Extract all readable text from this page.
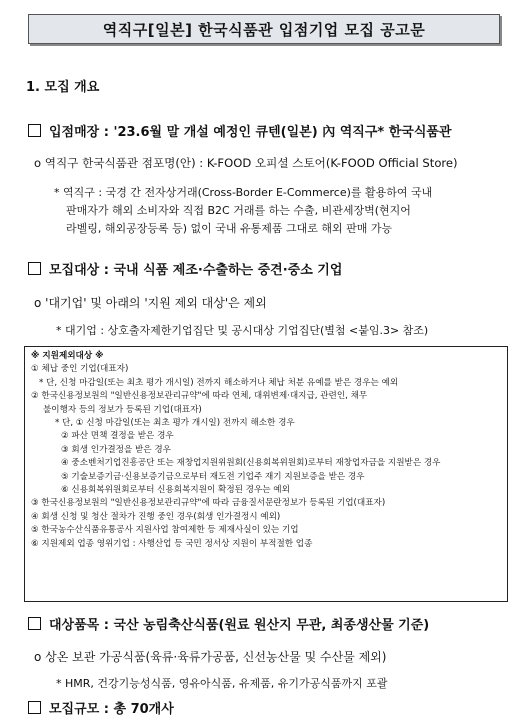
역직구[일본] 한국식품관 입점기업 모집 공고문
1. 모집 개요
입점매장 : '23.6월 말 개설 예정인 큐텐(일본) 內 역직구* 한국식품관
o 역직구 한국식품관 점포명(안) : K-FOOD 오피셜 스토어(K-FOOD Official Store)
* 역직구 : 국경 간 전자상거래(Cross-Border E-Commerce)를 활용하여 국내
판매자가 해외 소비자와 직접 B2C 거래를 하는 수출, 비관세장벽(현지어
라벨링, 해외공장등록 등) 없이 국내 유통제품 그대로 해외 판매 가능
모집대상 : 국내 식품 제조·수출하는 중견·중소 기업
o '대기업' 및 아래의 '지원 제외 대상'은 제외
* 대기업 : 상호출자제한기업집단 및 공시대상 기업집단(별첨 <붙임.3> 참조)
※ 지원제외대상 ※
① 체납 중인 기업(대표자)
* 단, 신청 마감일(또는 최초 평가 개시일) 전까지 해소하거나 체납 처분 유예를 받은 경우는 예외
② 한국신용정보원의 "일반신용정보관리규약"에 따라 연체, 대위변제·대지급, 관련인, 채무
불이행자 등의 정보가 등록된 기업(대표자)
* 단, ① 신청 마감일(또는 최초 평가 개시일) 전까지 해소한 경우
② 파산 면책 결정을 받은 경우
③ 회생 인가결정을 받은 경우
④ 중소벤처기업진흥공단 또는 재창업지원위원회(신용회복위원회)로부터 재창업자금을 지원받은 경우
⑤ 기술보증기금·신용보증기금으로부터 재도전 기업주 재기 지원보증을 받은 경우
⑥ 신용회복위원회로부터 신용회복지원이 확정된 경우는 예외
③ 한국신용정보원의 "일반신용정보관리규약"에 따라 금융질서문란정보가 등록된 기업(대표자)
④ 회생 신청 및 청산 절차가 진행 중인 경우(회생 인가결정시 예외)
⑤ 한국농수산식품유통공사 지원사업 참여제한 등 제재사실이 있는 기업
⑥ 지원제외 업종 영위기업 : 사행산업 등 국민 정서상 지원이 부적절한 업종
대상품목 : 국산 농림축산식품(원료 원산지 무관, 최종생산물 기준)
o 상온 보관 가공식품(육류·육류가공품, 신선농산물 및 수산물 제외)
* HMR, 건강기능성식품, 영유아식품, 유제품, 유기가공식품까지 포괄
모집규모 : 총 70개사
